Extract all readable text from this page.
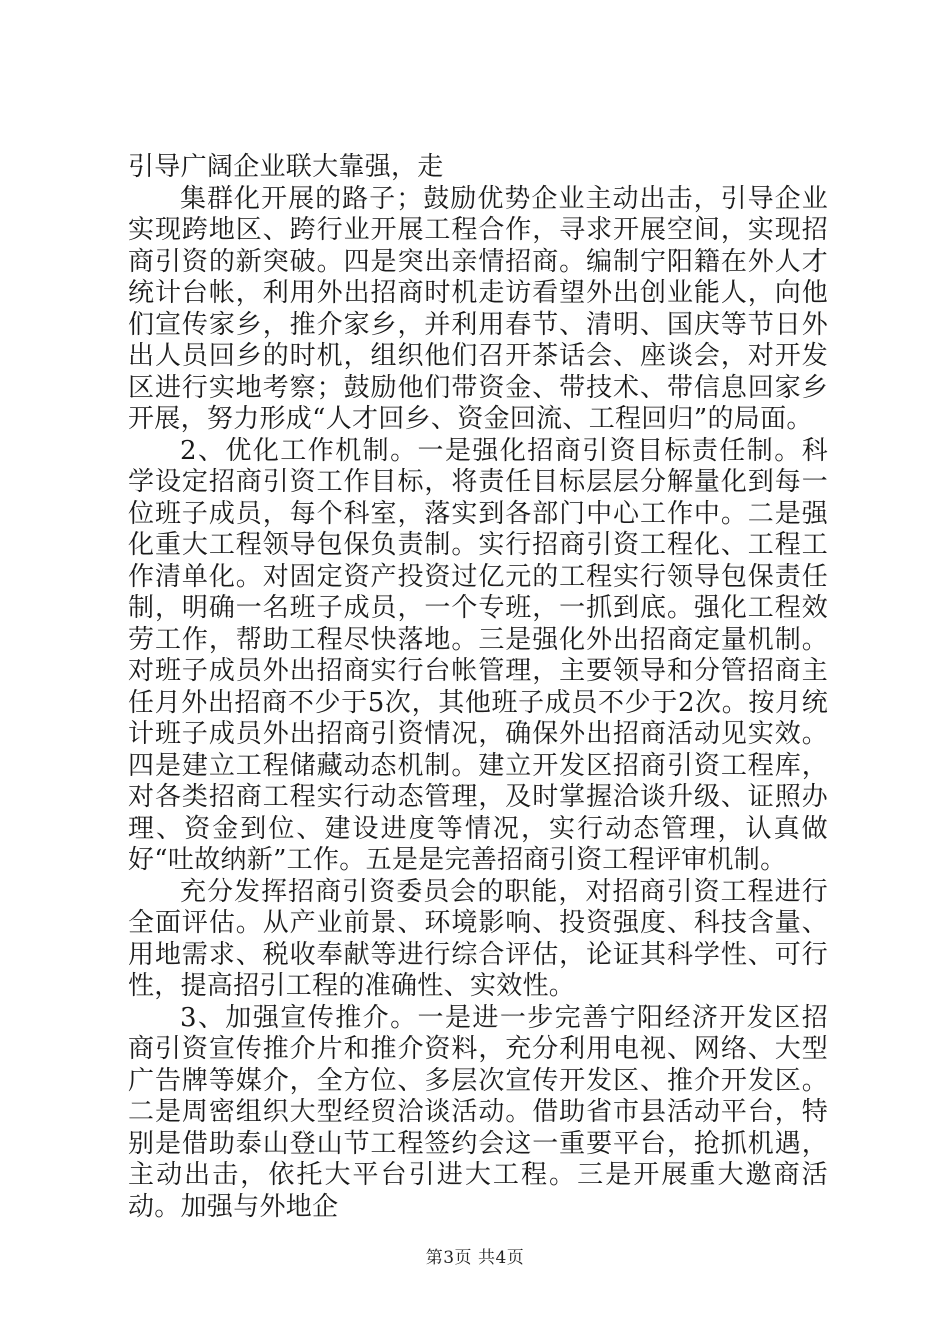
引导广阔企业联大靠强，走

集群化开展的路子；鼓励优势企业主动出击，引导企业实现跨地区、跨行业开展工程合作，寻求开展空间，实现招商引资的新突破。四是突出亲情招商。编制宁阳籍在外人才统计台帐，利用外出招商时机走访看望外出创业能人，向他们宣传家乡，推介家乡，并利用春节、清明、国庆等节日外出人员回乡的时机，组织他们召开茶话会、座谈会，对开发区进行实地考察；鼓励他们带资金、带技术、带信息回家乡开展，努力形成“人才回乡、资金回流、工程回归”的局面。

2、优化工作机制。一是强化招商引资目标责任制。科学设定招商引资工作目标，将责任目标层层分解量化到每一位班子成员，每个科室，落实到各部门中心工作中。二是强化重大工程领导包保负责制。实行招商引资工程化、工程工作清单化。对固定资产投资过亿元的工程实行领导包保责任制，明确一名班子成员，一个专班，一抓到底。强化工程效劳工作，帮助工程尽快落地。三是强化外出招商定量机制。对班子成员外出招商实行台帐管理，主要领导和分管招商主任月外出招商不少于5次，其他班子成员不少于2次。按月统计班子成员外出招商引资情况，确保外出招商活动见实效。四是建立工程储藏动态机制。建立开发区招商引资工程库，对各类招商工程实行动态管理，及时掌握洽谈升级、证照办理、资金到位、建设进度等情况，实行动态管理，认真做好“吐故纳新”工作。五是是完善招商引资工程评审机制。

充分发挥招商引资委员会的职能，对招商引资工程进行全面评估。从产业前景、环境影响、投资强度、科技含量、用地需求、税收奉献等进行综合评估，论证其科学性、可行性，提高招引工程的准确性、实效性。

3、加强宣传推介。一是进一步完善宁阳经济开发区招商引资宣传推介片和推介资料，充分利用电视、网络、大型广告牌等媒介，全方位、多层次宣传开发区、推介开发区。二是周密组织大型经贸洽谈活动。借助省市县活动平台，特别是借助泰山登山节工程签约会这一重要平台，抢抓机遇，主动出击，依托大平台引进大工程。三是开展重大邀商活动。加强与外地企

第3页 共4页
